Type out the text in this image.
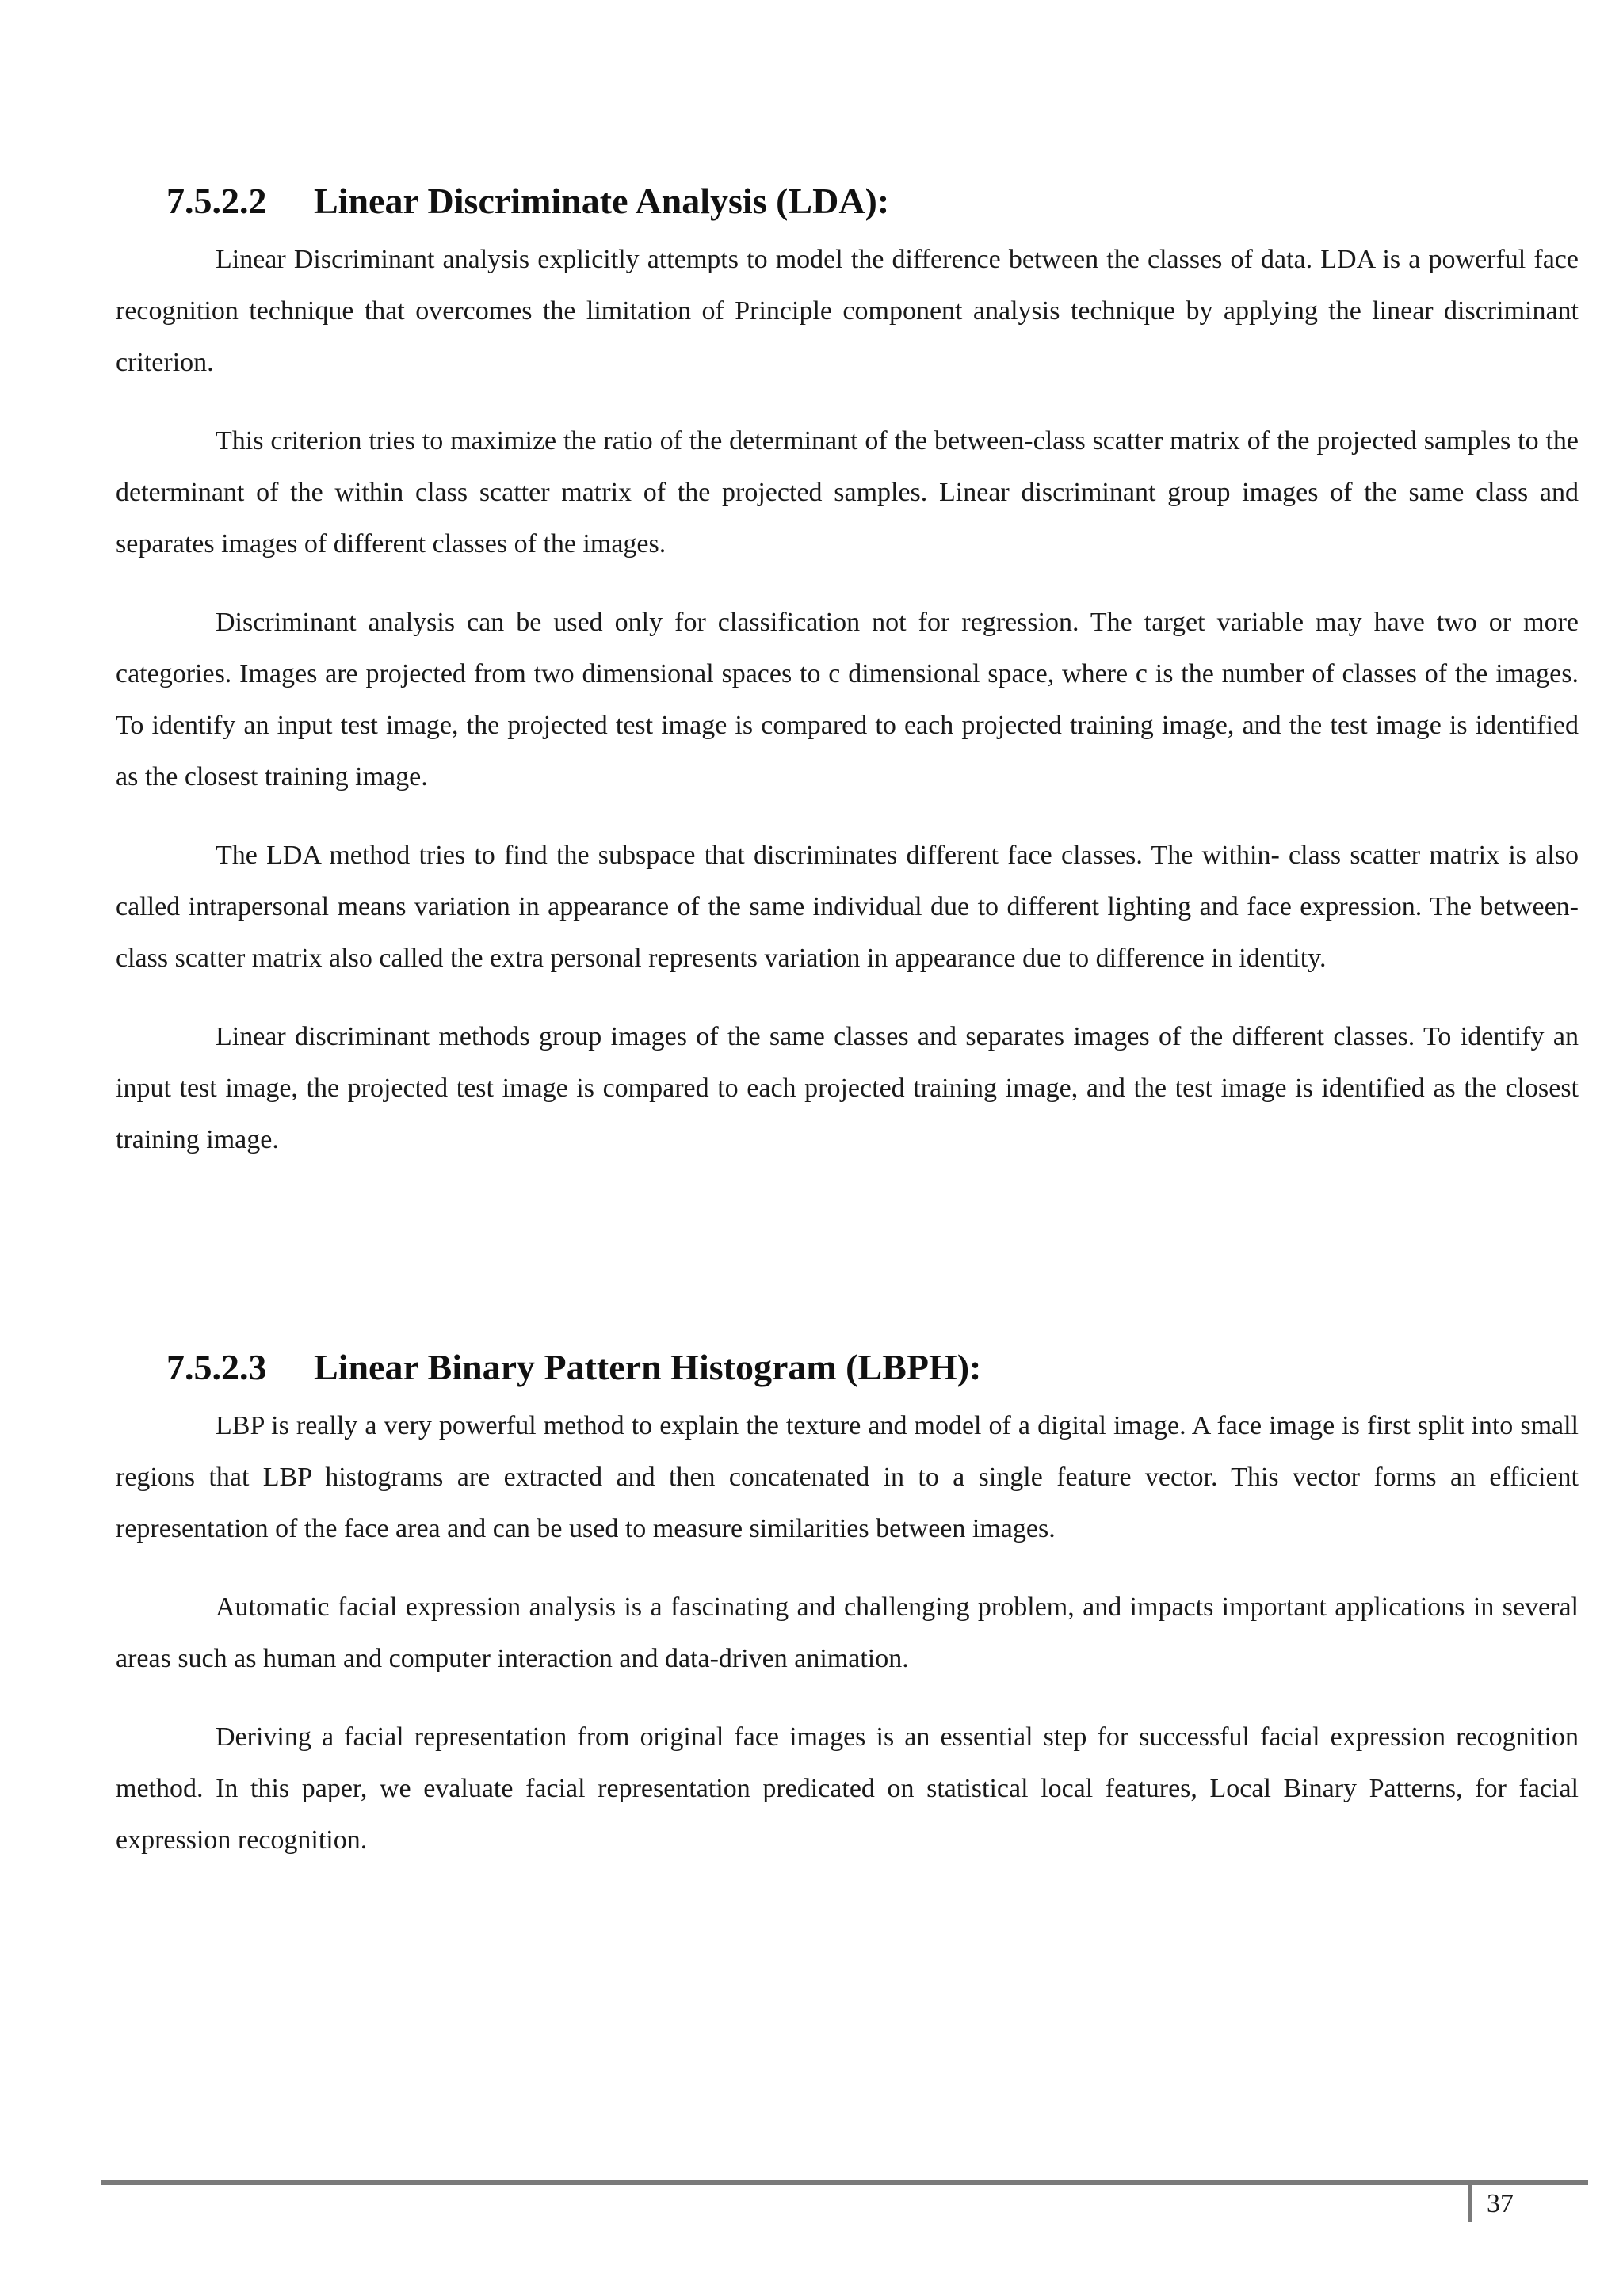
7.5.2.2	Linear Discriminate Analysis (LDA):

Linear Discriminant analysis explicitly attempts to model the difference between the classes of data. LDA is a powerful face recognition technique that overcomes the limitation of Principle component analysis technique by applying the linear discriminant criterion.

This criterion tries to maximize the ratio of the determinant of the between-class scatter matrix of the projected samples to the determinant of the within class scatter matrix of the projected samples. Linear discriminant group images of the same class and separates images of different classes of the images.

Discriminant analysis can be used only for classification not for regression. The target variable may have two or more categories. Images are projected from two dimensional spaces to c dimensional space, where c is the number of classes of the images. To identify an input test image, the projected test image is compared to each projected training image, and the test image is identified as the closest training image.

The LDA method tries to find the subspace that discriminates different face classes. The within- class scatter matrix is also called intrapersonal means variation in appearance of the same individual due to different lighting and face expression. The between-class scatter matrix also called the extra personal represents variation in appearance due to difference in identity.

Linear discriminant methods group images of the same classes and separates images of the different classes. To identify an input test image, the projected test image is compared to each projected training image, and the test image is identified as the closest training image.

7.5.2.3	Linear Binary Pattern Histogram (LBPH):

LBP is really a very powerful method to explain the texture and model of a digital image. A face image is first split into small regions that LBP histograms are extracted and then concatenated in to a single feature vector. This vector forms an efficient representation of the face area and can be used to measure similarities between images.

Automatic facial expression analysis is a fascinating and challenging problem, and impacts important applications in several areas such as human and computer interaction and data-driven animation.

Deriving a facial representation from original face images is an essential step for successful facial expression recognition method. In this paper, we evaluate facial representation predicated on statistical local features, Local Binary Patterns, for facial expression recognition.

37
